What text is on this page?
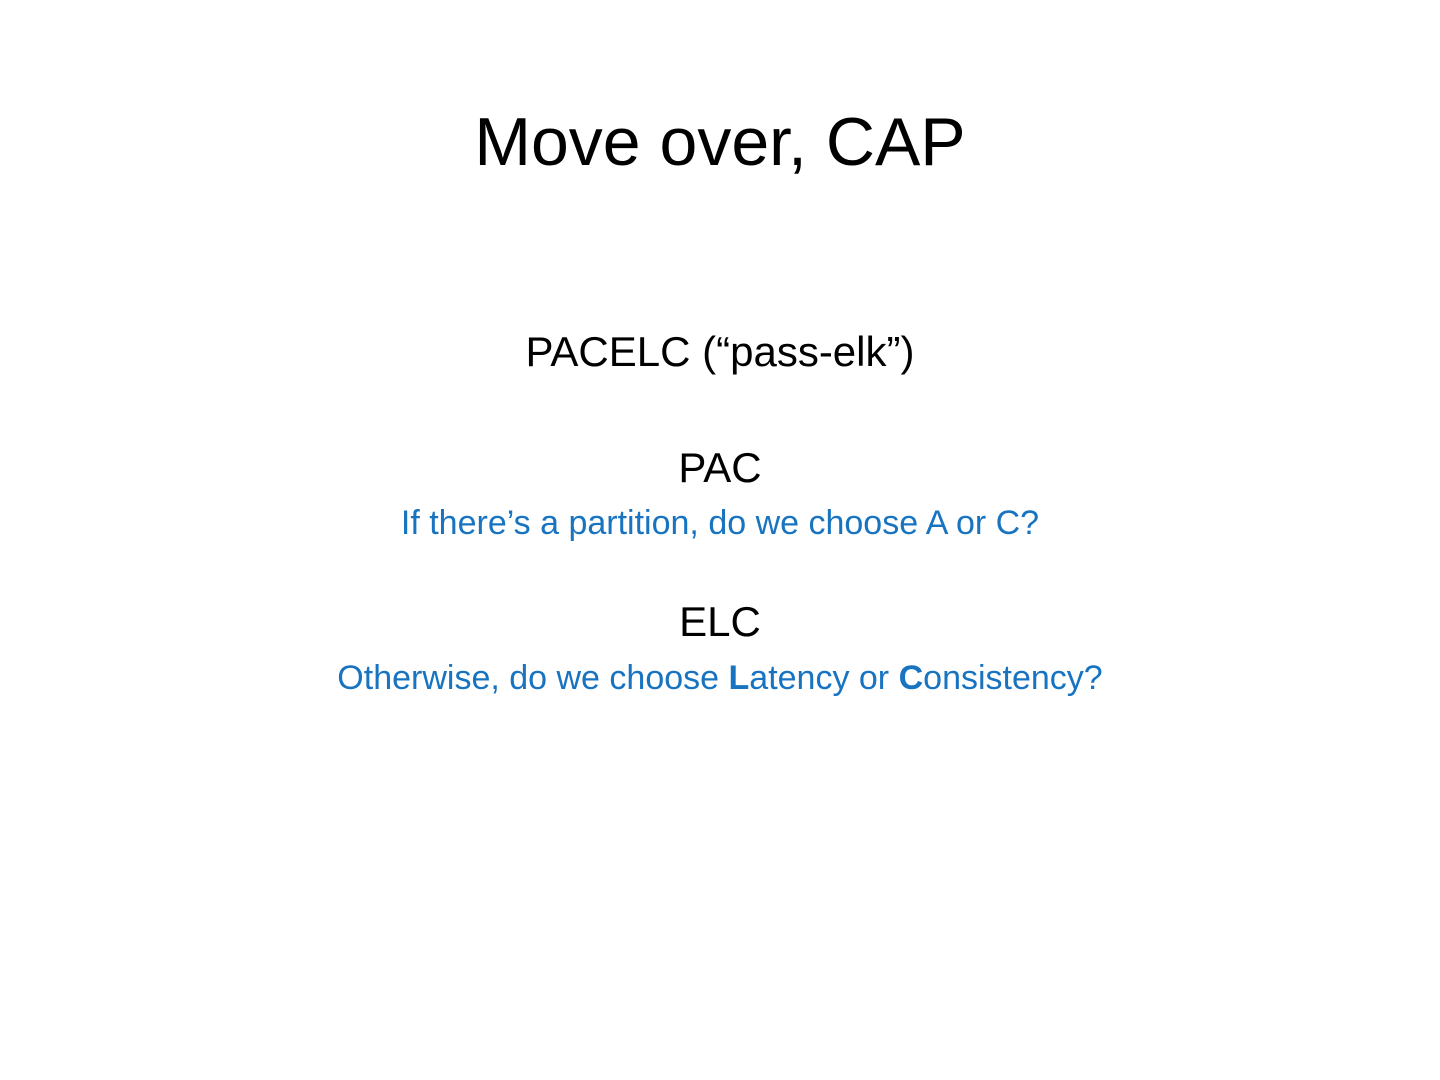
Move over, CAP
PACELC (“pass-elk”)
PAC
If there’s a partition, do we choose A or C?
ELC
Otherwise, do we choose Latency or Consistency?
